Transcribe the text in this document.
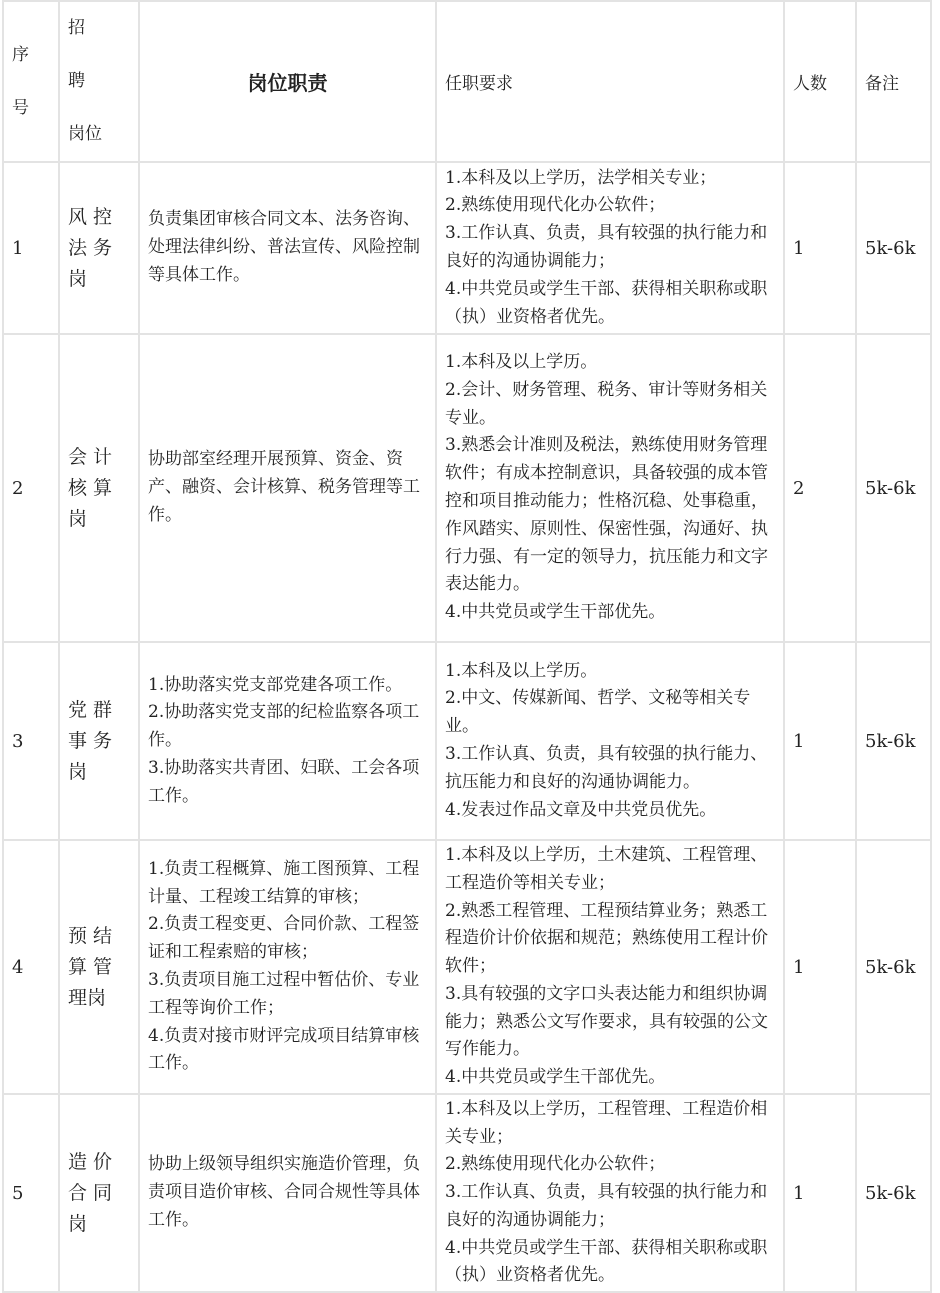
序
号	招 聘
岗位	岗位职责	任职要求	人数	备注

1	风 控 法 务 岗	负责集团审核合同文本、法务咨询、处理法律纠纷、普法宣传、风险控制等具体工作。	1.本科及以上学历，法学相关专业；
2.熟练使用现代化办公软件；
3.工作认真、负责，具有较强的执行能力和良好的沟通协调能力；
4.中共党员或学生干部、获得相关职称或职（执）业资格者优先。	1	5k-6k

2	会 计 核 算 岗	协助部室经理开展预算、资金、资产、融资、会计核算、税务管理等工作。	1.本科及以上学历。
2.会计、财务管理、税务、审计等财务相关专业。
3.熟悉会计准则及税法，熟练使用财务管理软件；有成本控制意识，具备较强的成本管控和项目推动能力；性格沉稳、处事稳重，作风踏实、原则性、保密性强，沟通好、执行力强、有一定的领导力，抗压能力和文字表达能力。
4.中共党员或学生干部优先。	2	5k-6k

3	党 群 事 务 岗	1.协助落实党支部党建各项工作。
2.协助落实党支部的纪检监察各项工作。
3.协助落实共青团、妇联、工会各项工作。	1.本科及以上学历。
2.中文、传媒新闻、哲学、文秘等相关专业。
3.工作认真、负责，具有较强的执行能力、抗压能力和良好的沟通协调能力。
4.发表过作品文章及中共党员优先。	1	5k-6k

4	预 结 算 管 理岗	1.负责工程概算、施工图预算、工程计量、工程竣工结算的审核；
2.负责工程变更、合同价款、工程签证和工程索赔的审核；
3.负责项目施工过程中暂估价、专业工程等询价工作；
4.负责对接市财评完成项目结算审核工作。	1.本科及以上学历，土木建筑、工程管理、工程造价等相关专业；
2.熟悉工程管理、工程预结算业务；熟悉工程造价计价依据和规范；熟练使用工程计价软件；
3.具有较强的文字口头表达能力和组织协调能力；熟悉公文写作要求，具有较强的公文写作能力。
4.中共党员或学生干部优先。	1	5k-6k

5	造 价 合 同 岗	协助上级领导组织实施造价管理，负责项目造价审核、合同合规性等具体工作。	1.本科及以上学历，工程管理、工程造价相关专业；
2.熟练使用现代化办公软件；
3.工作认真、负责，具有较强的执行能力和良好的沟通协调能力；
4.中共党员或学生干部、获得相关职称或职（执）业资格者优先。	1	5k-6k
